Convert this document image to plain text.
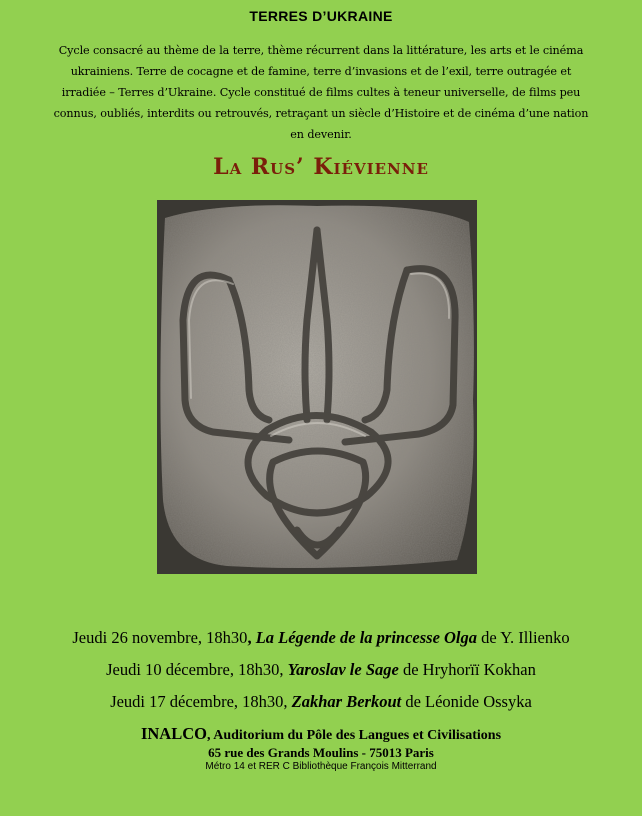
TERRES D’UKRAINE
Cycle consacré au thème de la terre, thème récurrent dans la littérature, les arts et le cinéma ukrainiens. Terre de cocagne et de famine, terre d’invasions et de l’exil, terre outragée et irradiée – Terres d’Ukraine. Cycle constitué de films cultes à teneur universelle, de films peu connus, oubliés, interdits ou retrouvés, retraçant un siècle d’Histoire et de cinéma d’une nation en devenir.
La Rus’ Kiévienne
Jeudi 26 novembre, 18h30, La Légende de la princesse Olga de Y. Illienko
Jeudi 10 décembre, 18h30, Yaroslav le Sage de Hryhorïï Kokhan
Jeudi 17 décembre, 18h30, Zakhar Berkout de Léonide Ossyka
INALCO, Auditorium du Pôle des Langues et Civilisations
65 rue des Grands Moulins - 75013 Paris
Métro 14 et RER C Bibliothèque François Mitterrand
